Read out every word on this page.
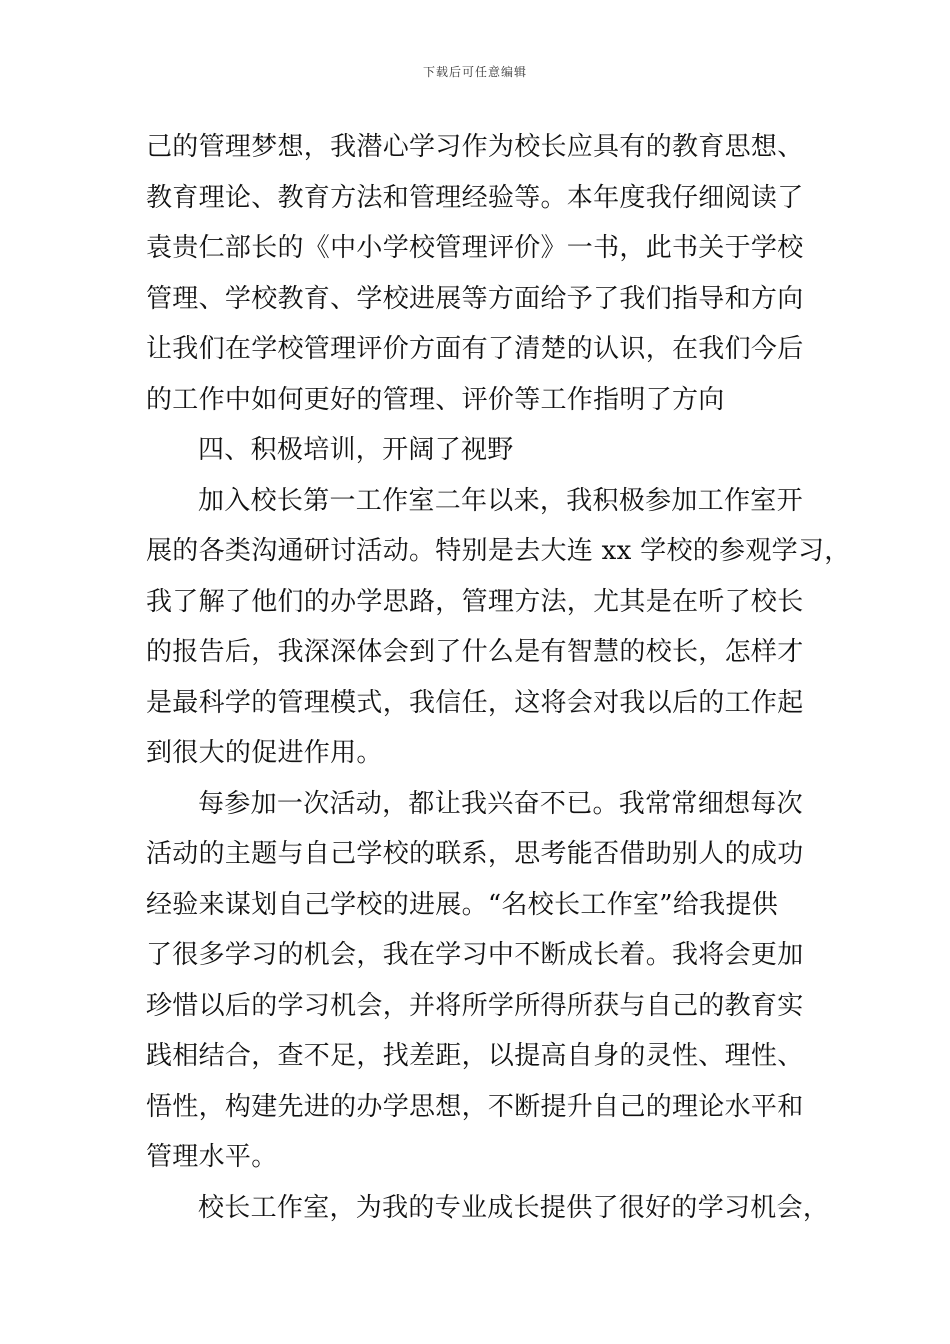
下载后可任意编辑
己的管理梦想，我潜心学习作为校长应具有的教育思想、
教育理论、教育方法和管理经验等。本年度我仔细阅读了
袁贵仁部长的《中小学校管理评价》一书，此书关于学校
管理、学校教育、学校进展等方面给予了我们指导和方向
让我们在学校管理评价方面有了清楚的认识，在我们今后
的工作中如何更好的管理、评价等工作指明了方向
四、积极培训，开阔了视野
加入校长第一工作室二年以来，我积极参加工作室开
展的各类沟通研讨活动。特别是去大连 xx 学校的参观学习，
我了解了他们的办学思路，管理方法，尤其是在听了校长
的报告后，我深深体会到了什么是有智慧的校长，怎样才
是最科学的管理模式，我信任，这将会对我以后的工作起
到很大的促进作用。
每参加一次活动，都让我兴奋不已。我常常细想每次
活动的主题与自己学校的联系，思考能否借助别人的成功
经验来谋划自己学校的进展。“名校长工作室”给我提供
了很多学习的机会，我在学习中不断成长着。我将会更加
珍惜以后的学习机会，并将所学所得所获与自己的教育实
践相结合，查不足，找差距，以提高自身的灵性、理性、
悟性，构建先进的办学思想，不断提升自己的理论水平和
管理水平。
校长工作室，为我的专业成长提供了很好的学习机会，
